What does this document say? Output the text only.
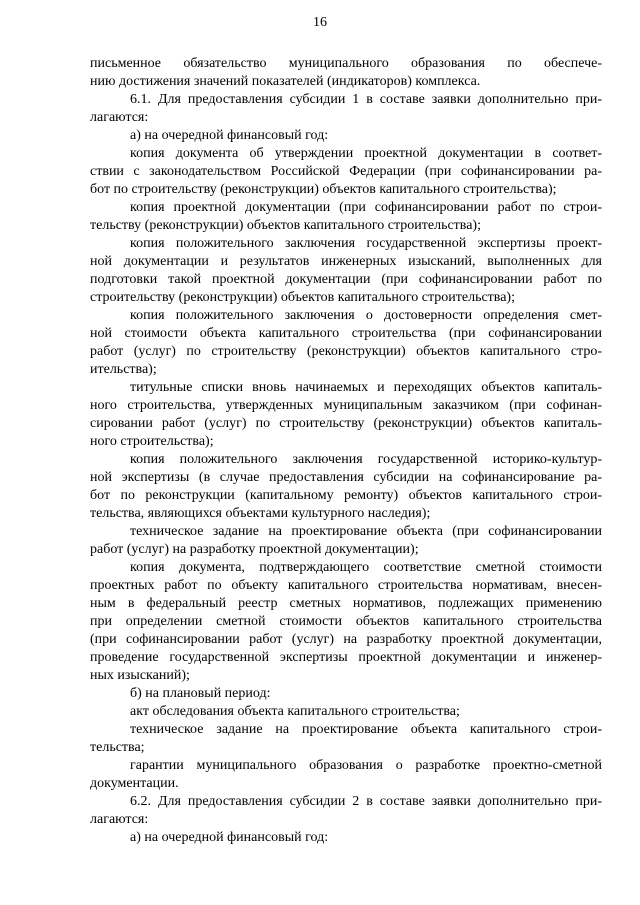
16
письменное обязательство муниципального образования по обеспече-
нию достижения значений показателей (индикаторов) комплекса.
6.1. Для предоставления субсидии 1 в составе заявки дополнительно при-
лагаются:
а) на очередной финансовый год:
копия документа об утверждении проектной документации в соответ-
ствии с законодательством Российской Федерации (при софинансировании ра-
бот по строительству (реконструкции) объектов капитального строительства);
копия проектной документации (при софинансировании работ по строи-
тельству (реконструкции) объектов капитального строительства);
копия положительного заключения государственной экспертизы проект-
ной документации и результатов инженерных изысканий, выполненных для
подготовки такой проектной документации (при софинансировании работ по
строительству (реконструкции) объектов капитального строительства);
копия положительного заключения о достоверности определения смет-
ной стоимости объекта капитального строительства (при софинансировании
работ (услуг) по строительству (реконструкции) объектов капитального стро-
ительства);
титульные списки вновь начинаемых и переходящих объектов капиталь-
ного строительства, утвержденных муниципальным заказчиком (при софинан-
сировании работ (услуг) по строительству (реконструкции) объектов капиталь-
ного строительства);
копия положительного заключения государственной историко-культур-
ной экспертизы (в случае предоставления субсидии на софинансирование ра-
бот по реконструкции (капитальному ремонту) объектов капитального строи-
тельства, являющихся объектами культурного наследия);
техническое задание на проектирование объекта (при софинансировании
работ (услуг) на разработку проектной документации);
копия документа, подтверждающего соответствие сметной стоимости
проектных работ по объекту капитального строительства нормативам, внесен-
ным в федеральный реестр сметных нормативов, подлежащих применению
при определении сметной стоимости объектов капитального строительства
(при софинансировании работ (услуг) на разработку проектной документации,
проведение государственной экспертизы проектной документации и инженер-
ных изысканий);
б) на плановый период:
акт обследования объекта капитального строительства;
техническое задание на проектирование объекта капитального строи-
тельства;
гарантии муниципального образования о разработке проектно-сметной
документации.
6.2. Для предоставления субсидии 2 в составе заявки дополнительно при-
лагаются:
а) на очередной финансовый год:
